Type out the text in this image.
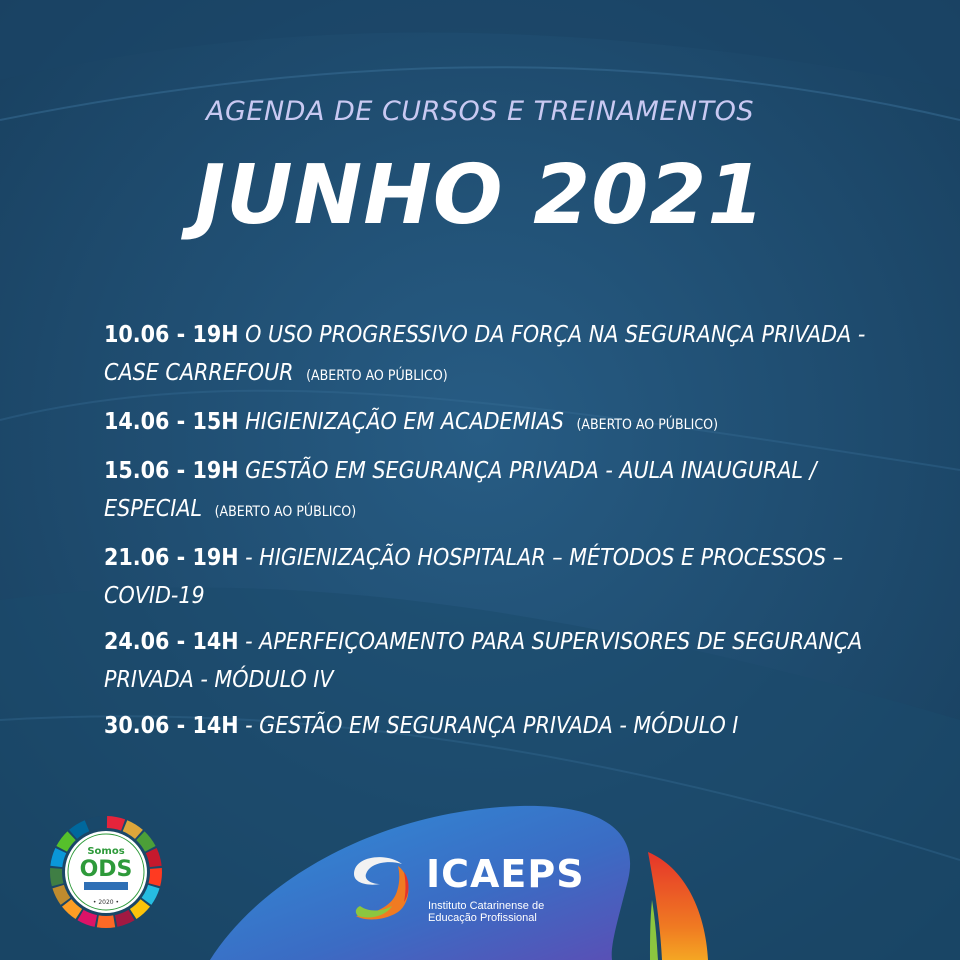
AGENDA DE CURSOS E TREINAMENTOS
JUNHO 2021
10.06 - 19H O USO PROGRESSIVO DA FORÇA NA SEGURANÇA PRIVADA - CASE CARREFOUR (ABERTO AO PÚBLICO)
14.06 - 15H HIGIENIZAÇÃO EM ACADEMIAS (ABERTO AO PÚBLICO)
15.06 - 19H GESTÃO EM SEGURANÇA PRIVADA - AULA INAUGURAL / ESPECIAL (ABERTO AO PÚBLICO)
21.06 - 19H - HIGIENIZAÇÃO HOSPITALAR – MÉTODOS E PROCESSOS – COVID-19
24.06 - 14H - APERFEIÇOAMENTO PARA SUPERVISORES DE SEGURANÇA PRIVADA - MÓDULO IV
30.06 - 14H - GESTÃO EM SEGURANÇA PRIVADA - MÓDULO I
Somos
ODS
• 2020 •
ICAEPS
Instituto Catarinense de
Educação Profissional
